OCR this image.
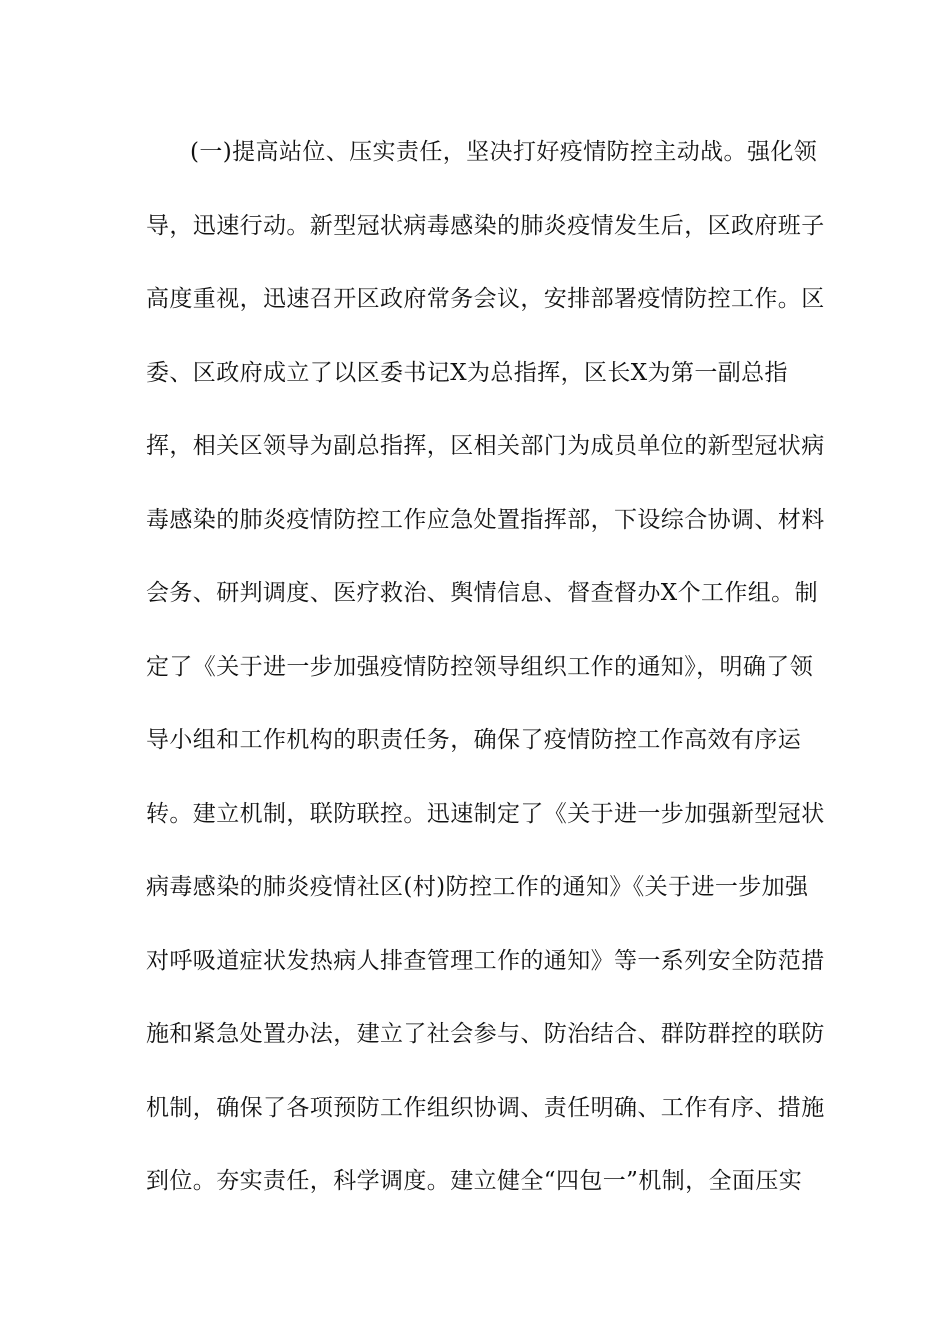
(一)提高站位、压实责任，坚决打好疫情防控主动战。强化领
导，迅速行动。新型冠状病毒感染的肺炎疫情发生后，区政府班子
高度重视，迅速召开区政府常务会议，安排部署疫情防控工作。区
委、区政府成立了以区委书记X为总指挥，区长X为第一副总指
挥，相关区领导为副总指挥，区相关部门为成员单位的新型冠状病
毒感染的肺炎疫情防控工作应急处置指挥部，下设综合协调、材料
会务、研判调度、医疗救治、舆情信息、督查督办X个工作组。制
定了《关于进一步加强疫情防控领导组织工作的通知》，明确了领
导小组和工作机构的职责任务，确保了疫情防控工作高效有序运
转。建立机制，联防联控。迅速制定了《关于进一步加强新型冠状
病毒感染的肺炎疫情社区(村)防控工作的通知》《关于进一步加强
对呼吸道症状发热病人排查管理工作的通知》等一系列安全防范措
施和紧急处置办法，建立了社会参与、防治结合、群防群控的联防
机制，确保了各项预防工作组织协调、责任明确、工作有序、措施
到位。夯实责任，科学调度。建立健全“四包一”机制，全面压实
